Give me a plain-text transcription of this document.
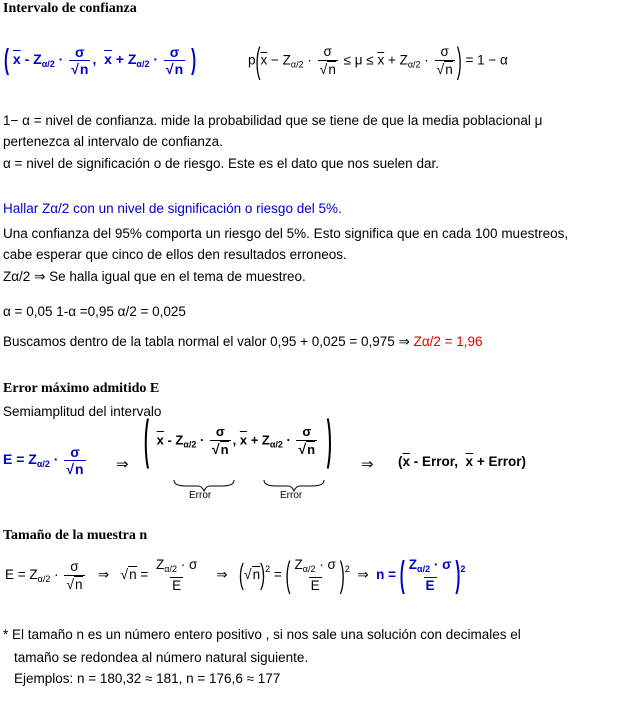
Intervalo de confianza
( $\overline{x} - Z_{\alpha/2} \cdot \frac{\sigma}{√n}$ ,  $\overline{x} + Z_{\alpha/2} \cdot \frac{\sigma}{√n}$ )	$p(\overline{x} - Z_{\alpha/2} \cdot \frac{\sigma}{√n} \le \mu \le \overline{x} + Z_{\alpha/2} \cdot \frac{\sigma}{√n}$ ) = 1 − α
1− α = nivel de confianza. mide la probabilidad que se tiene de que la media poblacional μ
pertenezca al intervalo de confianza.
α = nivel de significación o de riesgo. Este es el dato que nos suelen dar.
Hallar Zα/2 con un nivel de significación o riesgo del 5%.
Una confianza del 95% comporta un riesgo del 5%. Esto significa que en cada 100 muestreos,
cabe esperar que cinco de ellos den resultados erroneos.
Zα/2 ⇒ Se halla igual que en el tema de muestreo.
α = 0,05 1-α =0,95 α/2 = 0,025
Buscamos dentro de la tabla normal el valor 0,95 + 0,025 = 0,975 ⇒ Zα/2 = 1,96
Error máximo admitido E
Semiamplitud del intervalo
$E = Z_{\alpha/2} \cdot \frac{\sigma}{√n}$ ⇒ ( $\overline{x} - Z_{\alpha/2} \cdot \frac{\sigma}{√n}$ , $\overline{x} + Z_{\alpha/2} \cdot \frac{\sigma}{√n}$ )
Error	Error
⇒ ($\overline{x}$ - Error,  $\overline{x}$ + Error)
Tamaño de la muestra n
$E = Z_{\alpha/2} \cdot \frac{\sigma}{√n}$ ⇒   $√n = \frac{Z_{\alpha/2} \cdot \sigma}{E}$ ⇒   $(√n)^2$ = ( $\frac{Z_{\alpha/2} \cdot \sigma}{E} )^2$  ⇒  n = ( $\frac{Z_{\alpha/2} \cdot \sigma}{E} )^2$
* El tamaño n es un número entero positivo , si nos sale una solución con decimales el
tamaño se redondea al número natural siguiente.
Ejemplos: n = 180,32 ≈ 181, n = 176,6 ≈ 177
